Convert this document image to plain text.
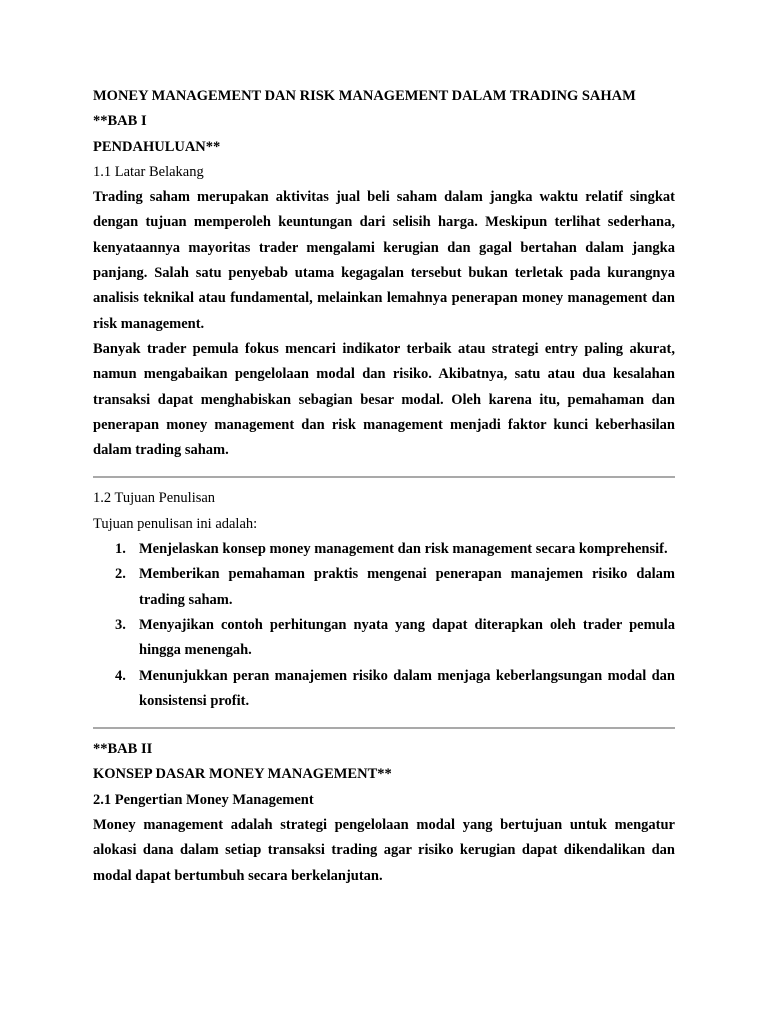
MONEY MANAGEMENT DAN RISK MANAGEMENT DALAM TRADING SAHAM

**BAB I

PENDAHULUAN**

1.1 Latar Belakang

Trading saham merupakan aktivitas jual beli saham dalam jangka waktu relatif singkat dengan tujuan memperoleh keuntungan dari selisih harga. Meskipun terlihat sederhana, kenyataannya mayoritas trader mengalami kerugian dan gagal bertahan dalam jangka panjang. Salah satu penyebab utama kegagalan tersebut bukan terletak pada kurangnya analisis teknikal atau fundamental, melainkan lemahnya penerapan money management dan risk management.

Banyak trader pemula fokus mencari indikator terbaik atau strategi entry paling akurat, namun mengabaikan pengelolaan modal dan risiko. Akibatnya, satu atau dua kesalahan transaksi dapat menghabiskan sebagian besar modal. Oleh karena itu, pemahaman dan penerapan money management dan risk management menjadi faktor kunci keberhasilan dalam trading saham.

1.2 Tujuan Penulisan

Tujuan penulisan ini adalah:

1. Menjelaskan konsep money management dan risk management secara komprehensif.
2. Memberikan pemahaman praktis mengenai penerapan manajemen risiko dalam trading saham.
3. Menyajikan contoh perhitungan nyata yang dapat diterapkan oleh trader pemula hingga menengah.
4. Menunjukkan peran manajemen risiko dalam menjaga keberlangsungan modal dan konsistensi profit.

**BAB II

KONSEP DASAR MONEY MANAGEMENT**

2.1 Pengertian Money Management

Money management adalah strategi pengelolaan modal yang bertujuan untuk mengatur alokasi dana dalam setiap transaksi trading agar risiko kerugian dapat dikendalikan dan modal dapat bertumbuh secara berkelanjutan.
